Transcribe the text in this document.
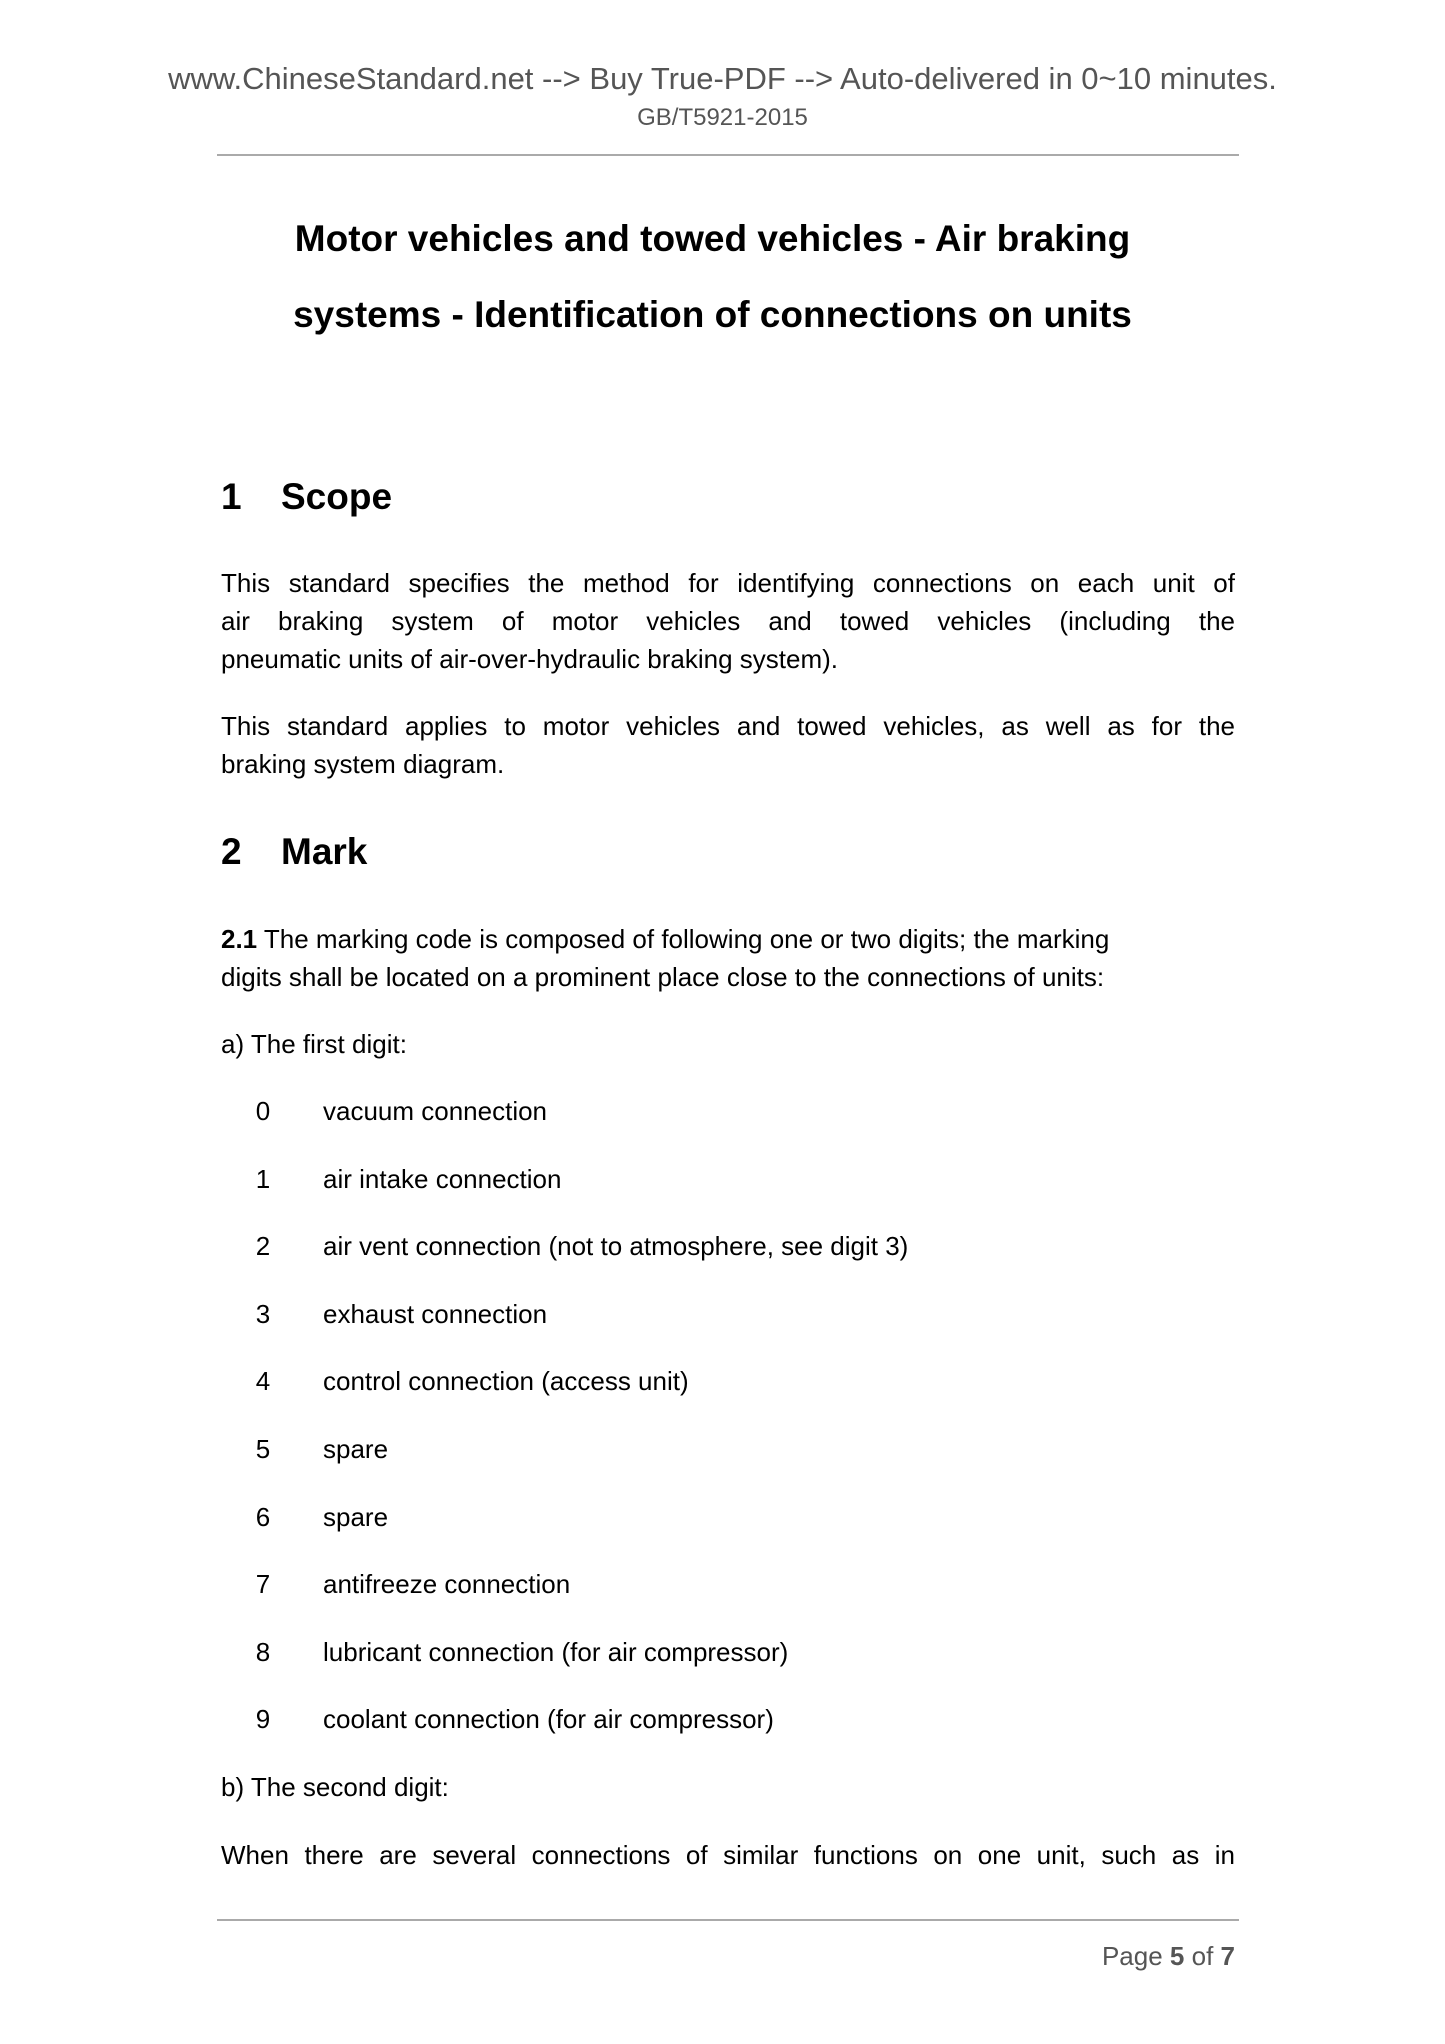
www.ChineseStandard.net --> Buy True-PDF --> Auto-delivered in 0~10 minutes.
GB/T5921-2015
Motor vehicles and towed vehicles - Air braking
systems - Identification of connections on units
1 Scope
This standard specifies the method for identifying connections on each unit of
air braking system of motor vehicles and towed vehicles (including the
pneumatic units of air-over-hydraulic braking system).
This standard applies to motor vehicles and towed vehicles, as well as for the
braking system diagram.
2 Mark
2.1 The marking code is composed of following one or two digits; the marking
digits shall be located on a prominent place close to the connections of units:
a) The first digit:
0	vacuum connection
1	air intake connection
2	air vent connection (not to atmosphere, see digit 3)
3	exhaust connection
4	control connection (access unit)
5	spare
6	spare
7	antifreeze connection
8	lubricant connection (for air compressor)
9	coolant connection (for air compressor)
b) The second digit:
When there are several connections of similar functions on one unit, such as in
Page 5 of 7
